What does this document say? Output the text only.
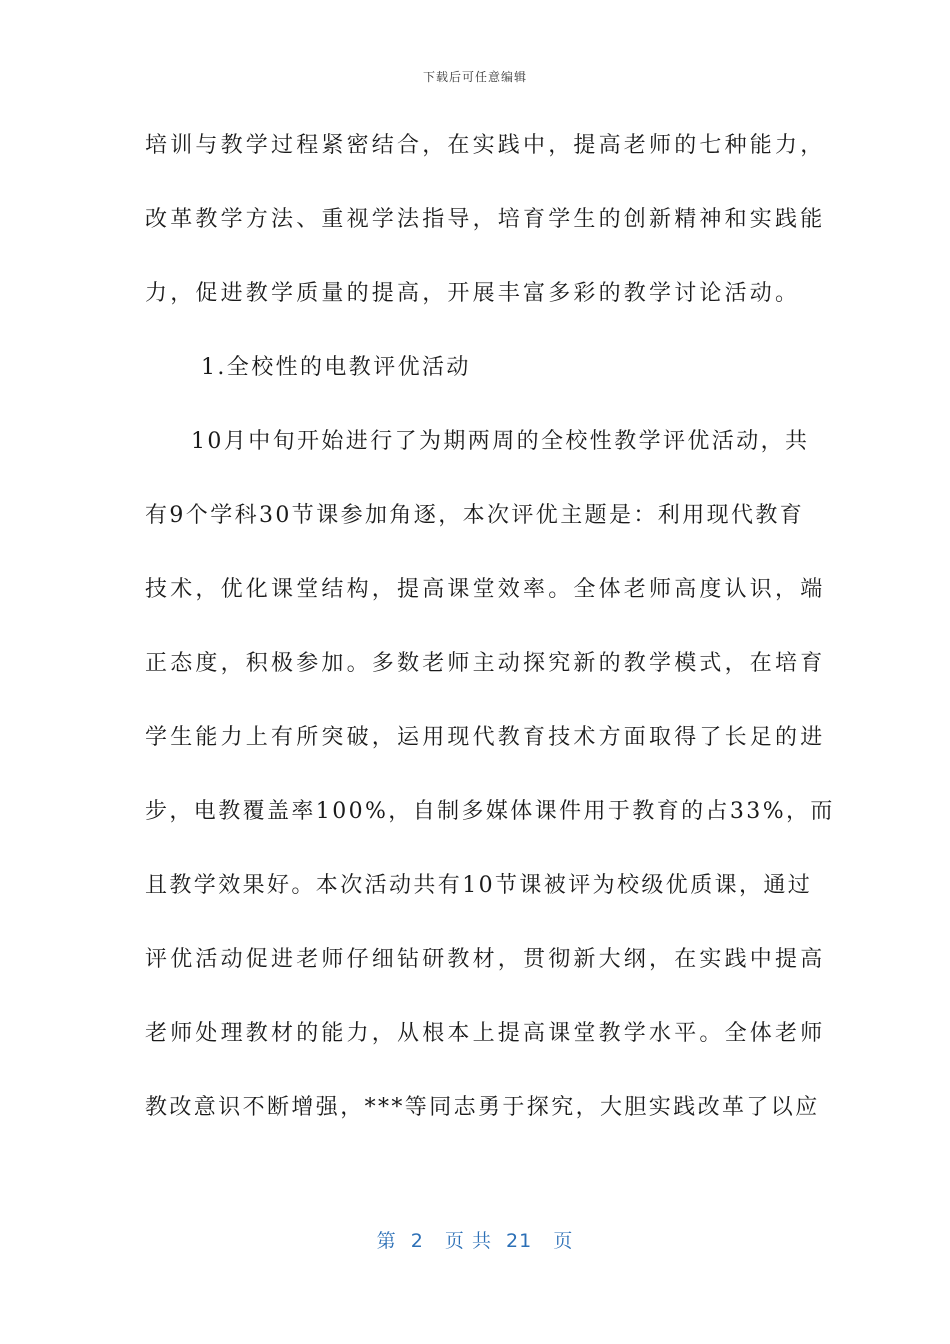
下载后可任意编辑
培训与教学过程紧密结合，在实践中，提高老师的七种能力，
改革教学方法、重视学法指导，培育学生的创新精神和实践能
力，促进教学质量的提高，开展丰富多彩的教学讨论活动。
1.全校性的电教评优活动
10月中旬开始进行了为期两周的全校性教学评优活动，共
有9个学科30节课参加角逐，本次评优主题是：利用现代教育
技术，优化课堂结构，提高课堂效率。全体老师高度认识，端
正态度，积极参加。多数老师主动探究新的教学模式，在培育
学生能力上有所突破，运用现代教育技术方面取得了长足的进
步，电教覆盖率100%，自制多媒体课件用于教育的占33%，而
且教学效果好。本次活动共有10节课被评为校级优质课，通过
评优活动促进老师仔细钻研教材，贯彻新大纲，在实践中提高
老师处理教材的能力，从根本上提高课堂教学水平。全体老师
教改意识不断增强，***等同志勇于探究，大胆实践改革了以应
第  2   页 共  21   页
